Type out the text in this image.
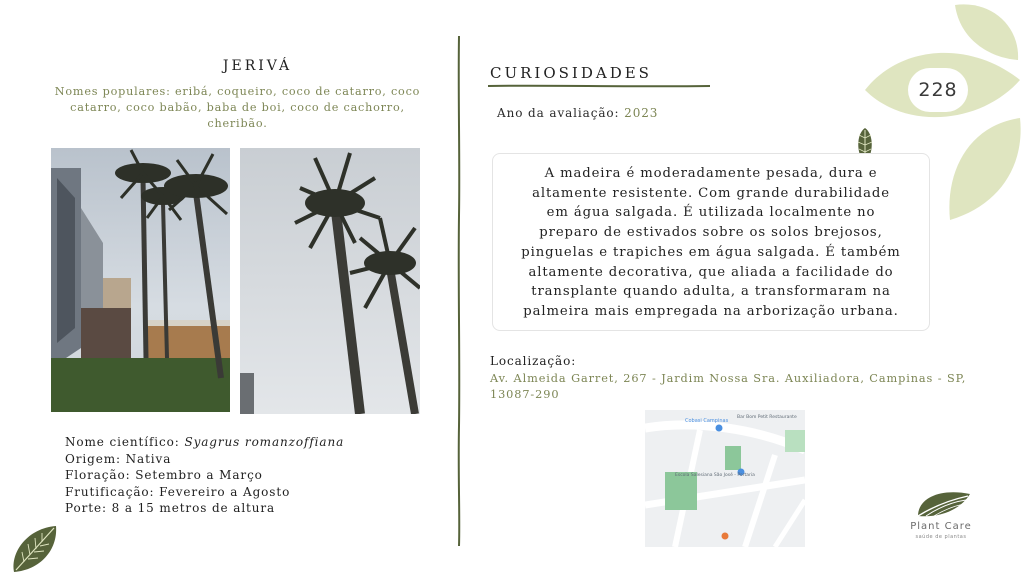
JERIVÁ
Nomes populares: eribá, coqueiro, coco de catarro, coco
catarro, coco babão, baba de boi, coco de cachorro,
cheribão.
Nome científico: Syagrus romanzoffiana
Origem: Nativa
Floração: Setembro a Março
Frutificação: Fevereiro a Agosto
Porte: 8 a 15 metros de altura
CURIOSIDADES
Ano da avaliação: 2023
A madeira é moderadamente pesada, dura e
altamente resistente. Com grande durabilidade
em água salgada. É utilizada localmente no
preparo de estivados sobre os solos brejosos,
pinguelas e trapiches em água salgada. É também
altamente decorativa, que aliada a facilidade do
transplante quando adulta, a transformaram na
palmeira mais empregada na arborização urbana.
Localização:
Av. Almeida Garret, 267 - Jardim Nossa Sra. Auxiliadora, Campinas - SP,
13087-290
Cobasi Campinas
Escola Salesiana São José - Portaria
Bar Bom Petit Restaurante
228
Plant Care
saúde de plantas
